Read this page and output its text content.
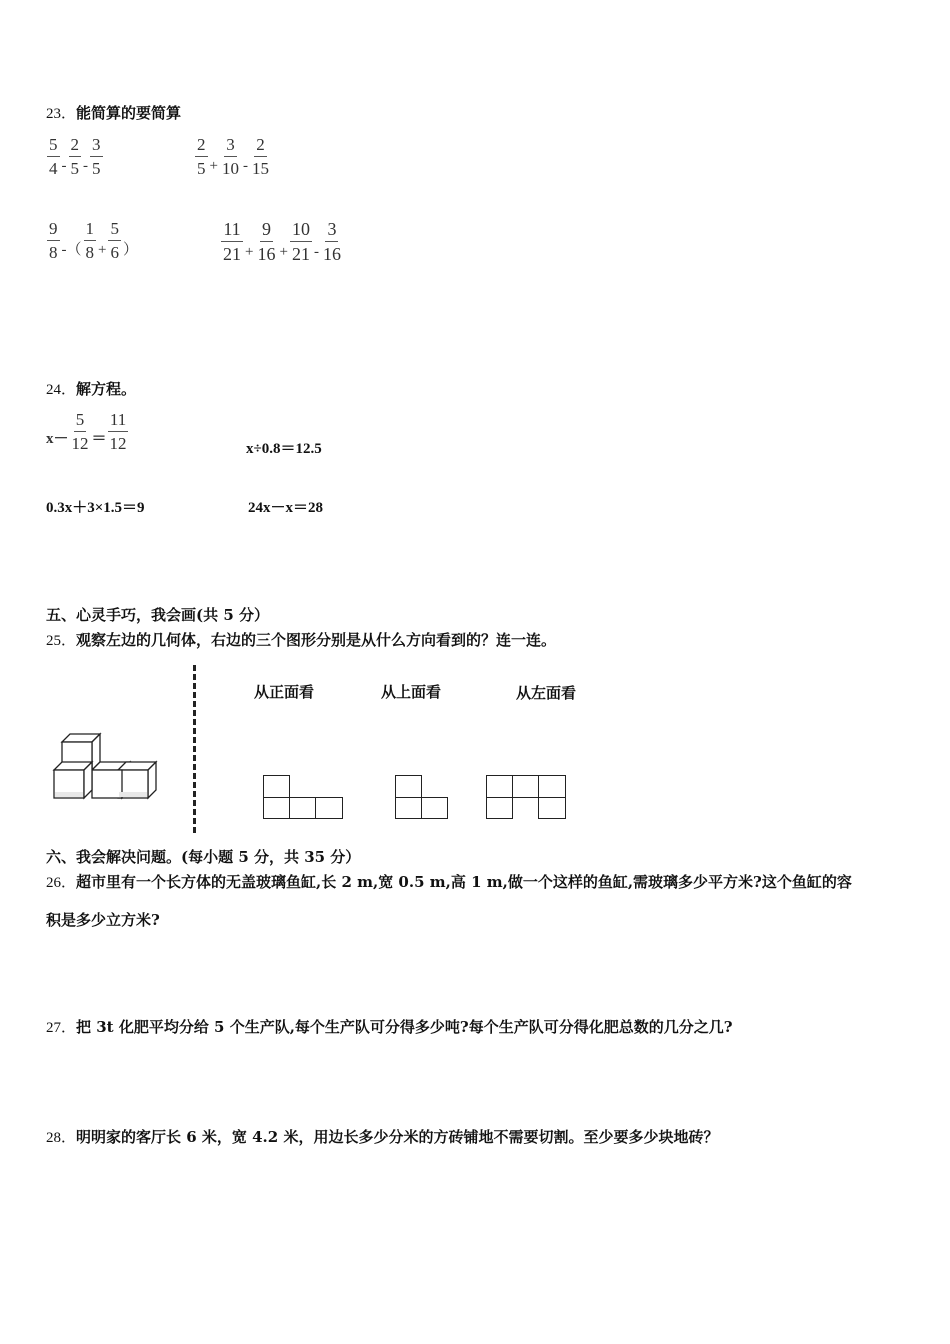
23．能简算的要简算
$\frac{5}{4} - \frac{2}{5} - \frac{3}{5}$	$\frac{2}{5} + \frac{3}{10} - \frac{2}{15}$
$\frac{9}{8}$ -（ $\frac{1}{8} + \frac{5}{6}$ ）	$\frac{11}{21} + \frac{9}{16} + \frac{10}{21} - \frac{3}{16}$
24．解方程。
$x- \frac{5}{12} = \frac{11}{12}$	x÷0.8＝12.5
0.3x＋3×1.5＝9	24x－x＝28
五、心灵手巧，我会画(共 5 分）
25．观察左边的几何体，右边的三个图形分别是从什么方向看到的？连一连。
从正面看	从上面看	从左面看
六、我会解决问题。(每小题 5 分，共 35 分）
26．超市里有一个长方体的无盖玻璃鱼缸,长 2 m,宽 0.5 m,高 1 m,做一个这样的鱼缸,需玻璃多少平方米?这个鱼缸的容
积是多少立方米?
27．把 3t 化肥平均分给 5 个生产队,每个生产队可分得多少吨?每个生产队可分得化肥总数的几分之几?
28．明明家的客厅长 6 米，宽 4.2 米，用边长多少分米的方砖铺地不需要切割。至少要多少块地砖？
